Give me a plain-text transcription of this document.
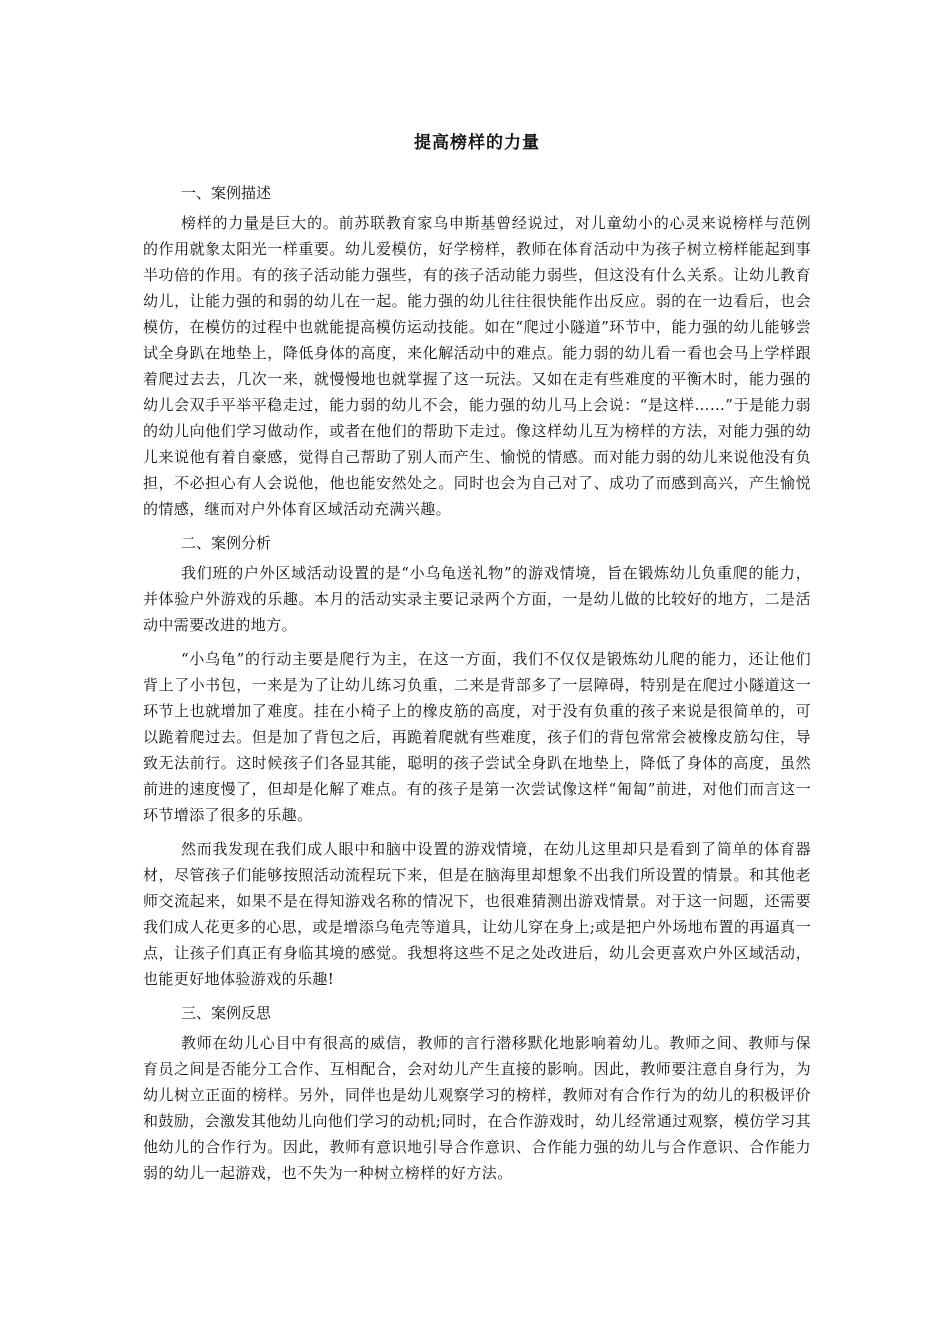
提高榜样的力量

一、案例描述

榜样的力量是巨大的。前苏联教育家乌申斯基曾经说过，对儿童幼小的心灵来说榜样与范例的作用就象太阳光一样重要。幼儿爱模仿，好学榜样，教师在体育活动中为孩子树立榜样能起到事半功倍的作用。有的孩子活动能力强些，有的孩子活动能力弱些，但这没有什么关系。让幼儿教育幼儿，让能力强的和弱的幼儿在一起。能力强的幼儿往往很快能作出反应。弱的在一边看后，也会模仿，在模仿的过程中也就能提高模仿运动技能。如在“爬过小隧道”环节中，能力强的幼儿能够尝试全身趴在地垫上，降低身体的高度，来化解活动中的难点。能力弱的幼儿看一看也会马上学样跟着爬过去去，几次一来，就慢慢地也就掌握了这一玩法。又如在走有些难度的平衡木时，能力强的幼儿会双手平举平稳走过，能力弱的幼儿不会，能力强的幼儿马上会说：“是这样……”于是能力弱的幼儿向他们学习做动作，或者在他们的帮助下走过。像这样幼儿互为榜样的方法，对能力强的幼儿来说他有着自豪感，觉得自己帮助了别人而产生、愉悦的情感。而对能力弱的幼儿来说他没有负担，不必担心有人会说他，他也能安然处之。同时也会为自己对了、成功了而感到高兴，产生愉悦的情感，继而对户外体育区域活动充满兴趣。

二、案例分析

我们班的户外区域活动设置的是“小乌龟送礼物”的游戏情境，旨在锻炼幼儿负重爬的能力，并体验户外游戏的乐趣。本月的活动实录主要记录两个方面，一是幼儿做的比较好的地方，二是活动中需要改进的地方。

“小乌龟”的行动主要是爬行为主，在这一方面，我们不仅仅是锻炼幼儿爬的能力，还让他们背上了小书包，一来是为了让幼儿练习负重，二来是背部多了一层障碍，特别是在爬过小隧道这一环节上也就增加了难度。挂在小椅子上的橡皮筋的高度，对于没有负重的孩子来说是很简单的，可以跪着爬过去。但是加了背包之后，再跪着爬就有些难度，孩子们的背包常常会被橡皮筋勾住，导致无法前行。这时候孩子们各显其能，聪明的孩子尝试全身趴在地垫上，降低了身体的高度，虽然前进的速度慢了，但却是化解了难点。有的孩子是第一次尝试像这样“匍匐”前进，对他们而言这一环节增添了很多的乐趣。

然而我发现在我们成人眼中和脑中设置的游戏情境，在幼儿这里却只是看到了简单的体育器材，尽管孩子们能够按照活动流程玩下来，但是在脑海里却想象不出我们所设置的情景。和其他老师交流起来，如果不是在得知游戏名称的情况下，也很难猜测出游戏情景。对于这一问题，还需要我们成人花更多的心思，或是增添乌龟壳等道具，让幼儿穿在身上;或是把户外场地布置的再逼真一点，让孩子们真正有身临其境的感觉。我想将这些不足之处改进后，幼儿会更喜欢户外区域活动，也能更好地体验游戏的乐趣!

三、案例反思

教师在幼儿心目中有很高的威信，教师的言行潜移默化地影响着幼儿。教师之间、教师与保育员之间是否能分工合作、互相配合，会对幼儿产生直接的影响。因此，教师要注意自身行为，为幼儿树立正面的榜样。另外，同伴也是幼儿观察学习的榜样，教师对有合作行为的幼儿的积极评价和鼓励，会激发其他幼儿向他们学习的动机;同时，在合作游戏时，幼儿经常通过观察，模仿学习其他幼儿的合作行为。因此，教师有意识地引导合作意识、合作能力强的幼儿与合作意识、合作能力弱的幼儿一起游戏，也不失为一种树立榜样的好方法。
